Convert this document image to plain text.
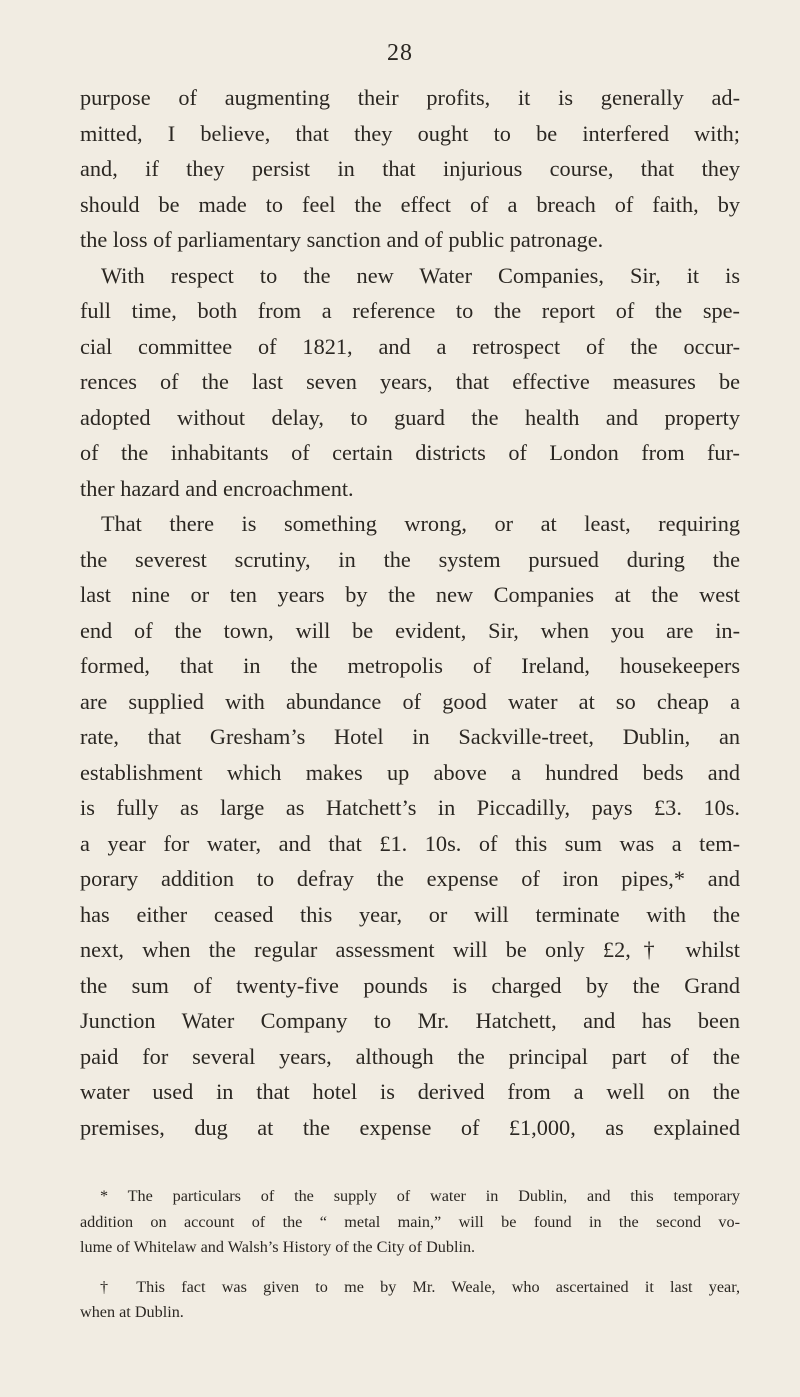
28
purpose of augmenting their profits, it is generally ad-
mitted, I believe, that they ought to be interfered with;
and, if they persist in that injurious course, that they
should be made to feel the effect of a breach of faith, by
the loss of parliamentary sanction and of public patronage.
With respect to the new Water Companies, Sir, it is
full time, both from a reference to the report of the spe-
cial committee of 1821, and a retrospect of the occur-
rences of the last seven years, that effective measures be
adopted without delay, to guard the health and property
of the inhabitants of certain districts of London from fur-
ther hazard and encroachment.
That there is something wrong, or at least, requiring
the severest scrutiny, in the system pursued during the
last nine or ten years by the new Companies at the west
end of the town, will be evident, Sir, when you are in-
formed, that in the metropolis of Ireland, housekeepers
are supplied with abundance of good water at so cheap a
rate, that Gresham’s Hotel in Sackville-treet, Dublin, an
establishment which makes up above a hundred beds and
is fully as large as Hatchett’s in Piccadilly, pays £3. 10s.
a year for water, and that £1. 10s. of this sum was a tem-
porary addition to defray the expense of iron pipes,* and
has either ceased this year, or will terminate with the
next, when the regular assessment will be only £2,† whilst
the sum of twenty-five pounds is charged by the Grand
Junction Water Company to Mr. Hatchett, and has been
paid for several years, although the principal part of the
water used in that hotel is derived from a well on the
premises, dug at the expense of £1,000, as explained
* The particulars of the supply of water in Dublin, and this temporary
addition on account of the “ metal main,” will be found in the second vo-
lume of Whitelaw and Walsh’s History of the City of Dublin.
† This fact was given to me by Mr. Weale, who ascertained it last year,
when at Dublin.
